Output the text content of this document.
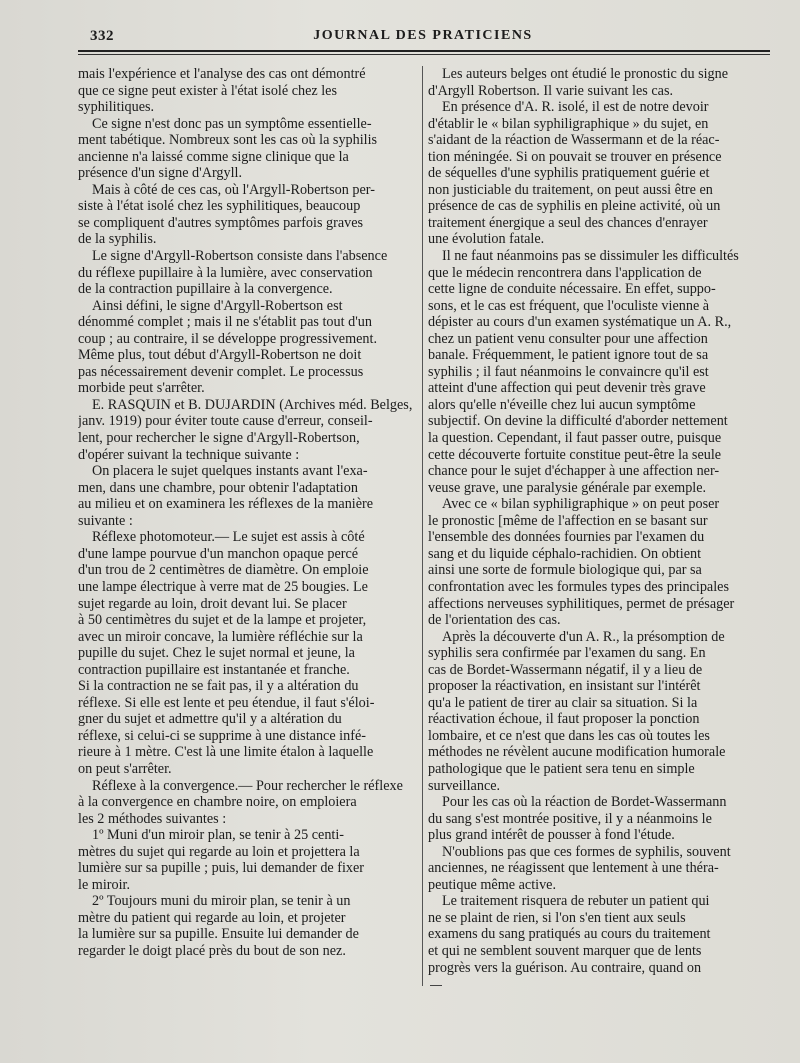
332	JOURNAL DES PRATICIENS
mais l'expérience et l'analyse des cas ont démontré
que ce signe peut exister à l'état isolé chez les
syphilitiques.
Ce signe n'est donc pas un symptôme essentielle-
ment tabétique. Nombreux sont les cas où la syphilis
ancienne n'a laissé comme signe clinique que la
présence d'un signe d'Argyll.
Mais à côté de ces cas, où l'Argyll-Robertson per-
siste à l'état isolé chez les syphilitiques, beaucoup
se compliquent d'autres symptômes parfois graves
de la syphilis.
Le signe d'Argyll-Robertson consiste dans l'absence
du réflexe pupillaire à la lumière, avec conservation
de la contraction pupillaire à la convergence.
Ainsi défini, le signe d'Argyll-Robertson est
dénommé complet ; mais il ne s'établit pas tout d'un
coup ; au contraire, il se développe progressivement.
Même plus, tout début d'Argyll-Robertson ne doit
pas nécessairement devenir complet. Le processus
morbide peut s'arrêter.
E. RASQUIN et B. DUJARDIN (Archives méd. Belges,
janv. 1919) pour éviter toute cause d'erreur, conseil-
lent, pour rechercher le signe d'Argyll-Robertson,
d'opérer suivant la technique suivante :
On placera le sujet quelques instants avant l'exa-
men, dans une chambre, pour obtenir l'adaptation
au milieu et on examinera les réflexes de la manière
suivante :
Réflexe photomoteur.— Le sujet est assis à côté
d'une lampe pourvue d'un manchon opaque percé
d'un trou de 2 centimètres de diamètre. On emploie
une lampe électrique à verre mat de 25 bougies. Le
sujet regarde au loin, droit devant lui. Se placer
à 50 centimètres du sujet et de la lampe et projeter,
avec un miroir concave, la lumière réfléchie sur la
pupille du sujet. Chez le sujet normal et jeune, la
contraction pupillaire est instantanée et franche.
Si la contraction ne se fait pas, il y a altération du
réflexe. Si elle est lente et peu étendue, il faut s'éloi-
gner du sujet et admettre qu'il y a altération du
réflexe, si celui-ci se supprime à une distance infé-
rieure à 1 mètre. C'est là une limite étalon à laquelle
on peut s'arrêter.
Réflexe à la convergence.— Pour rechercher le réflexe
à la convergence en chambre noire, on emploiera
les 2 méthodes suivantes :
1º Muni d'un miroir plan, se tenir à 25 centi-
mètres du sujet qui regarde au loin et projettera la
lumière sur sa pupille ; puis, lui demander de fixer
le miroir.
2º Toujours muni du miroir plan, se tenir à un
mètre du patient qui regarde au loin, et projeter
la lumière sur sa pupille. Ensuite lui demander de
regarder le doigt placé près du bout de son nez.
Les auteurs belges ont étudié le pronostic du signe
d'Argyll Robertson. Il varie suivant les cas.
En présence d'A. R. isolé, il est de notre devoir
d'établir le « bilan syphiligraphique » du sujet, en
s'aidant de la réaction de Wassermann et de la réac-
tion méningée. Si on pouvait se trouver en présence
de séquelles d'une syphilis pratiquement guérie et
non justiciable du traitement, on peut aussi être en
présence de cas de syphilis en pleine activité, où un
traitement énergique a seul des chances d'enrayer
une évolution fatale.
Il ne faut néanmoins pas se dissimuler les difficultés
que le médecin rencontrera dans l'application de
cette ligne de conduite nécessaire. En effet, suppo-
sons, et le cas est fréquent, que l'oculiste vienne à
dépister au cours d'un examen systématique un A. R.,
chez un patient venu consulter pour une affection
banale. Fréquemment, le patient ignore tout de sa
syphilis ; il faut néanmoins le convaincre qu'il est
atteint d'une affection qui peut devenir très grave
alors qu'elle n'éveille chez lui aucun symptôme
subjectif. On devine la difficulté d'aborder nettement
la question. Cependant, il faut passer outre, puisque
cette découverte fortuite constitue peut-être la seule
chance pour le sujet d'échapper à une affection ner-
veuse grave, une paralysie générale par exemple.
Avec ce « bilan syphiligraphique » on peut poser
le pronostic [même de l'affection en se basant sur
l'ensemble des données fournies par l'examen du
sang et du liquide céphalo-rachidien. On obtient
ainsi une sorte de formule biologique qui, par sa
confrontation avec les formules types des principales
affections nerveuses syphilitiques, permet de présager
de l'orientation des cas.
Après la découverte d'un A. R., la présomption de
syphilis sera confirmée par l'examen du sang. En
cas de Bordet-Wassermann négatif, il y a lieu de
proposer la réactivation, en insistant sur l'intérêt
qu'a le patient de tirer au clair sa situation. Si la
réactivation échoue, il faut proposer la ponction
lombaire, et ce n'est que dans les cas où toutes les
méthodes ne révèlent aucune modification humorale
pathologique que le patient sera tenu en simple
surveillance.
Pour les cas où la réaction de Bordet-Wassermann
du sang s'est montrée positive, il y a néanmoins le
plus grand intérêt de pousser à fond l'étude.
N'oublions pas que ces formes de syphilis, souvent
anciennes, ne réagissent que lentement à une théra-
peutique même active.
Le traitement risquera de rebuter un patient qui
ne se plaint de rien, si l'on s'en tient aux seuls
examens du sang pratiqués au cours du traitement
et qui ne semblent souvent marquer que de lents
progrès vers la guérison. Au contraire, quand on
